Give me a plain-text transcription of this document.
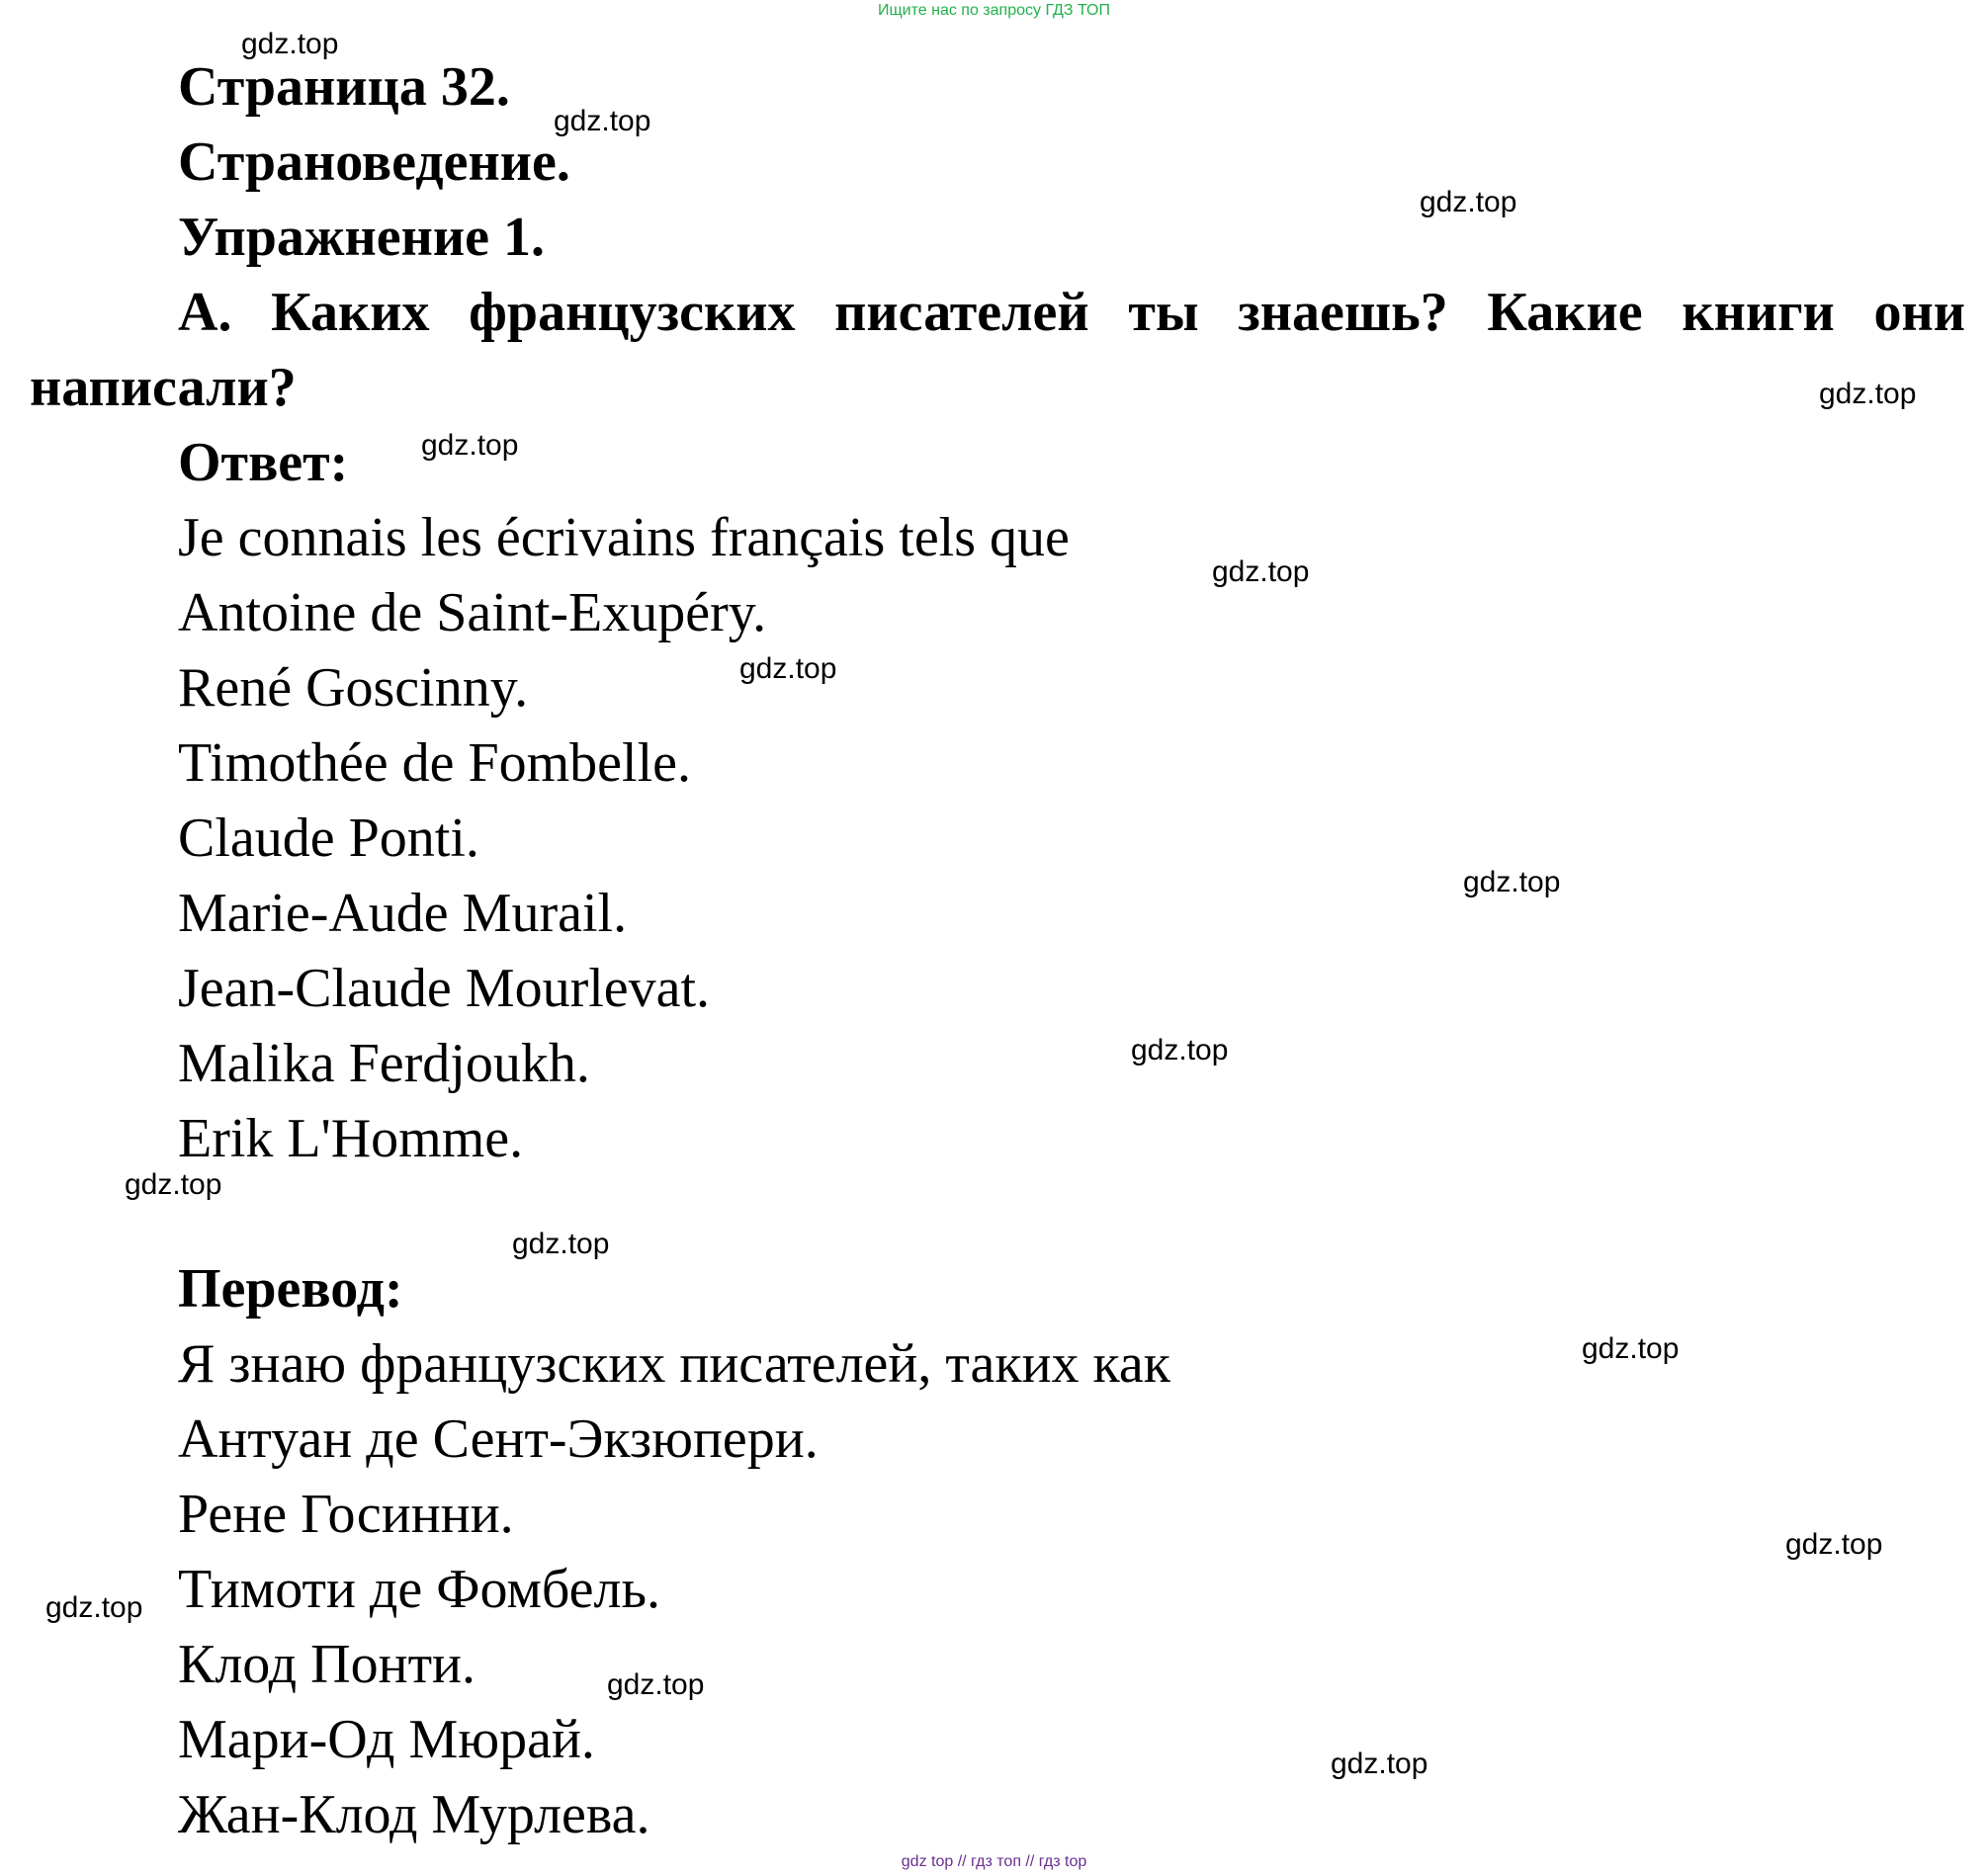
Ищите нас по запросу ГДЗ ТОП
Страница 32.
Страноведение.
Упражнение 1.
А. Каких французских писателей ты знаешь? Какие книги они
написали?
Ответ:
Je connais les écrivains français tels que
Antoine de Saint-Exupéry.
René Goscinny.
Timothée de Fombelle.
Claude Ponti.
Marie-Aude Murail.
Jean-Claude Mourlevat.
Malika Ferdjoukh.
Erik L'Homme.
Перевод:
Я знаю французских писателей, таких как
Антуан де Сент-Экзюпери.
Рене Госинни.
Тимоти де Фомбель.
Клод Понти.
Мари-Од Мюрай.
Жан-Клод Мурлева.
gdz.top
gdz.top
gdz.top
gdz.top
gdz.top
gdz.top
gdz.top
gdz.top
gdz.top
gdz.top
gdz.top
gdz.top
gdz.top
gdz.top
gdz.top
gdz.top
gdz top // гдз топ // гдз top
